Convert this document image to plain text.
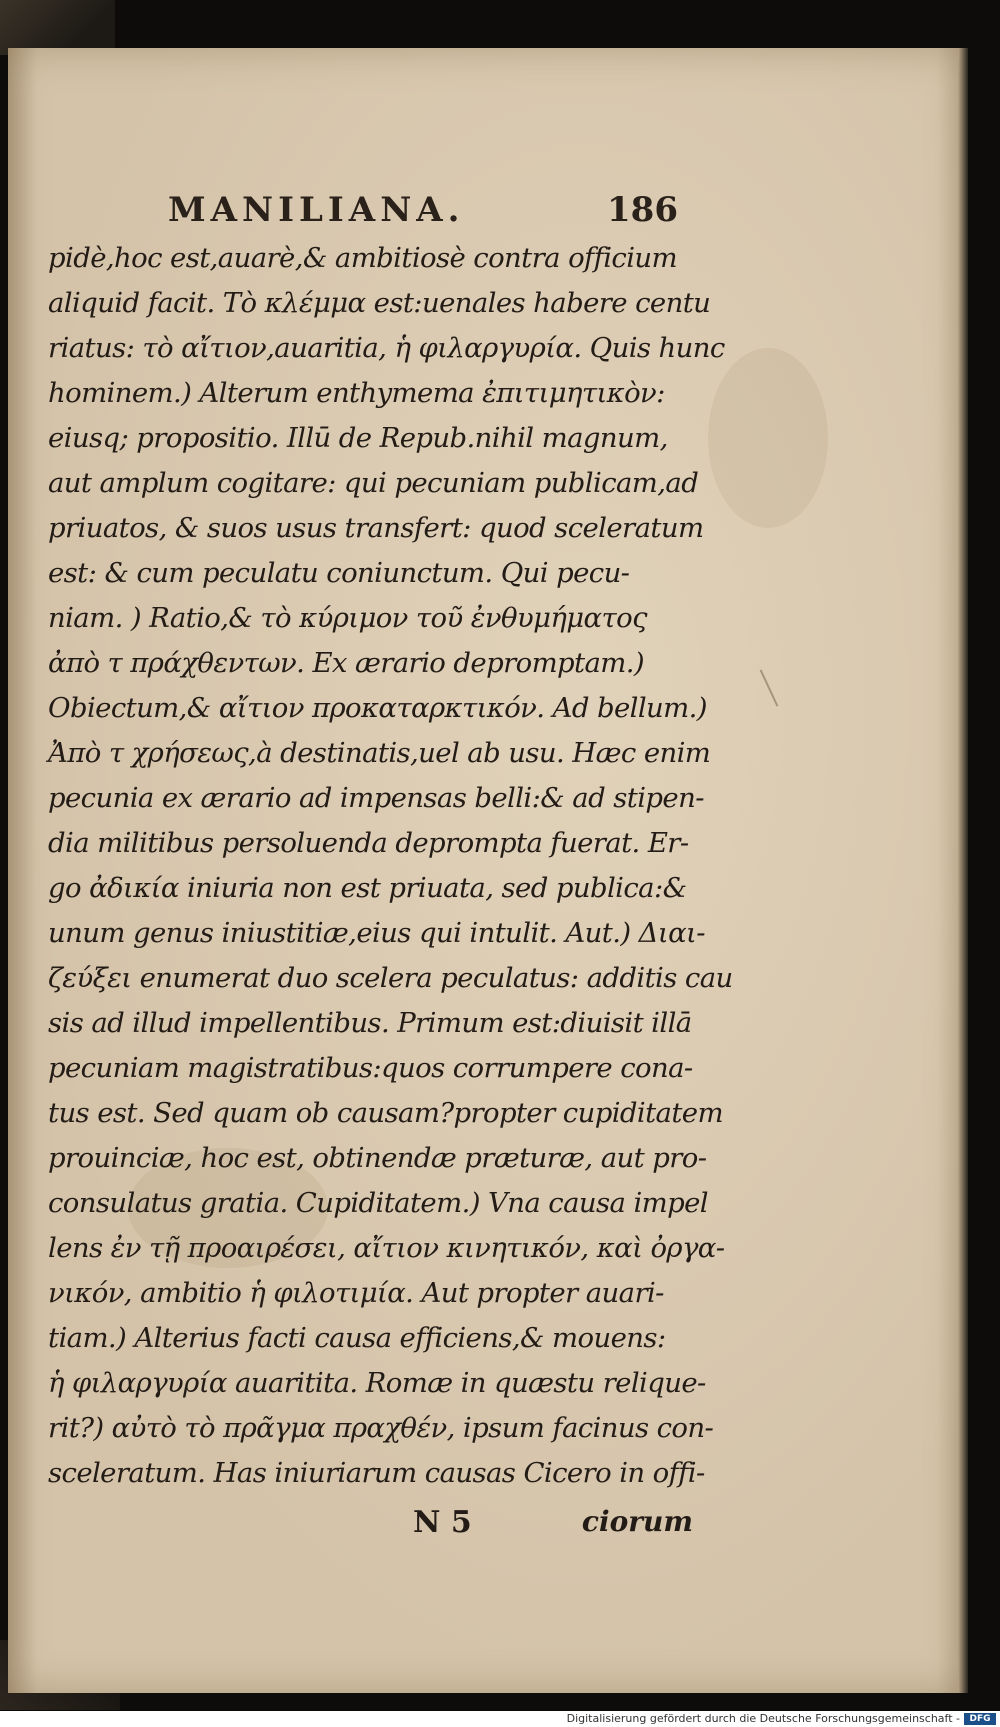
MANILIANA.	186
pidè,hoc est,auarè,& ambitiosè contra officium
aliquid facit. Τὸ κλέμμα est:uenales habere centu
riatus: τὸ αἴτιον,auaritia, ἡ φιλαργυρία. Quis hunc
hominem.) Alterum enthymema ἐπιτιμητικὸν:
eiusq; propositio. Illū de Repub.nihil magnum,
aut amplum cogitare: qui pecuniam publicam,ad
priuatos, & suos usus transfert: quod sceleratum
est: & cum peculatu coniunctum. Qui pecu-
niam. ) Ratio,& τὸ κύριμον τοῦ ἐνθυμήματος
ἀπὸ τ πράχθεντων. Ex ærario depromptam.)
Obiectum,& αἴτιον προκαταρκτικόν. Ad bellum.)
Ἀπὸ τ χρήσεως,à destinatis,uel ab usu. Hæc enim
pecunia ex ærario ad impensas belli:& ad stipen-
dia militibus persoluenda deprompta fuerat. Er-
go ἀδικία iniuria non est priuata, sed publica:&
unum genus iniustitiæ,eius qui intulit. Aut.) Διαι-
ζεύξει enumerat duo scelera peculatus: additis cau
sis ad illud impellentibus. Primum est:diuisit illā
pecuniam magistratibus:quos corrumpere cona-
tus est. Sed quam ob causam?propter cupiditatem
prouinciæ, hoc est, obtinendæ præturæ, aut pro-
consulatus gratia. Cupiditatem.) Vna causa impel
lens ἐν τῇ προαιρέσει, αἴτιον κινητικόν, καὶ ὀργα-
νικόν, ambitio ἡ φιλοτιμία. Aut propter auari-
tiam.) Alterius facti causa efficiens,& mouens:
ἡ φιλαργυρία auaritita. Romæ in quæstu relique-
rit?) αὐτὸ τὸ πρᾶγμα πραχθέν, ipsum facinus con-
sceleratum. Has iniuriarum causas Cicero in offi-
N 5	ciorum
Digitalisierung gefördert durch die Deutsche Forschungsgemeinschaft -	DFG
